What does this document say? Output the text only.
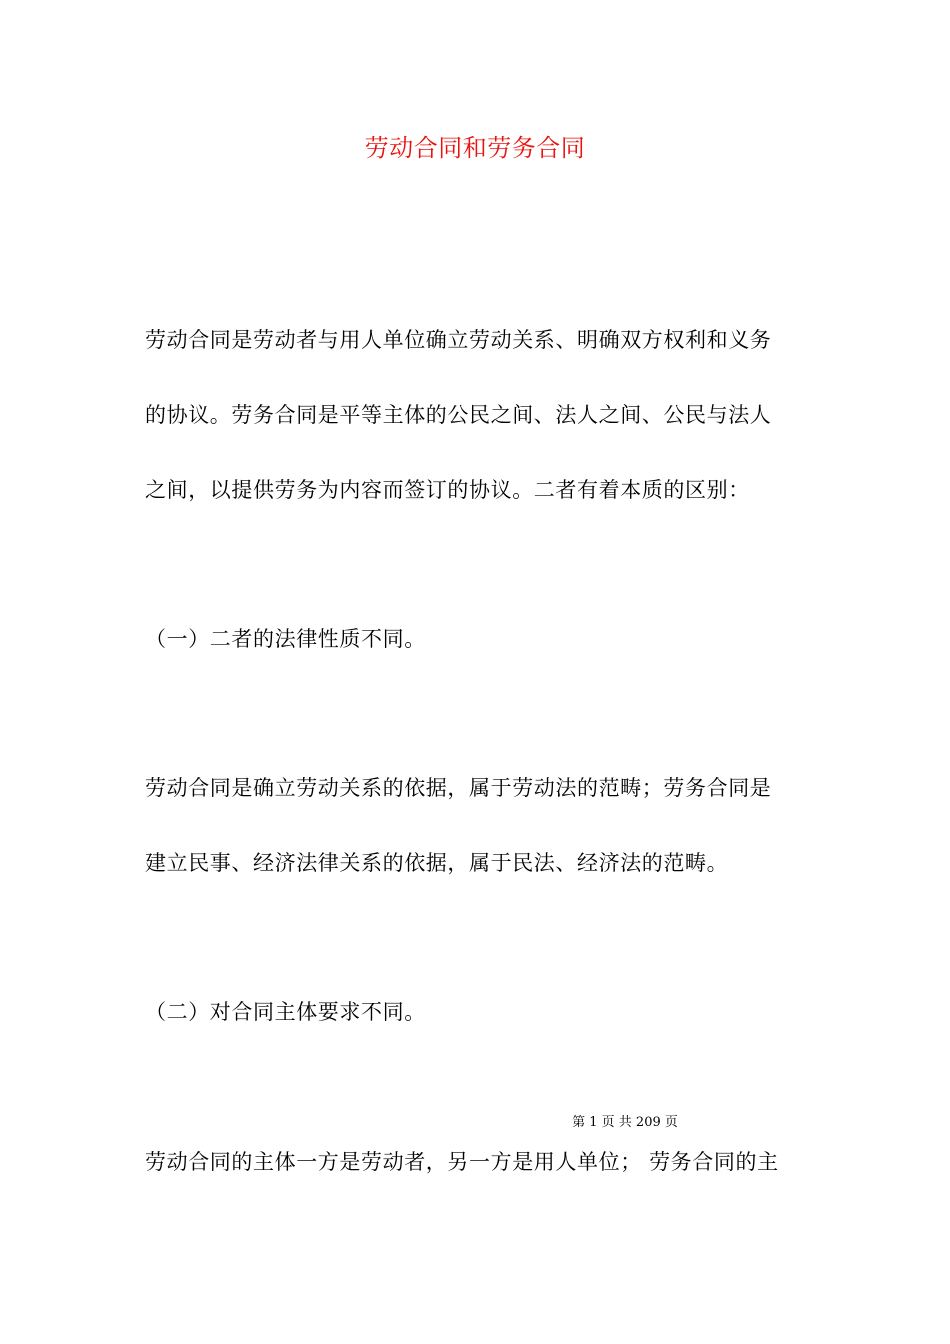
劳动合同和劳务合同
劳动合同是劳动者与用人单位确立劳动关系、明确双方权利和义务
的协议。劳务合同是平等主体的公民之间、法人之间、公民与法人
之间，以提供劳务为内容而签订的协议。二者有着本质的区别：
（一）二者的法律性质不同。
劳动合同是确立劳动关系的依据，属于劳动法的范畴；劳务合同是
建立民事、经济法律关系的依据，属于民法、经济法的范畴。
（二）对合同主体要求不同。
第 1 页 共 209 页
劳动合同的主体一方是劳动者，另一方是用人单位； 劳务合同的主
